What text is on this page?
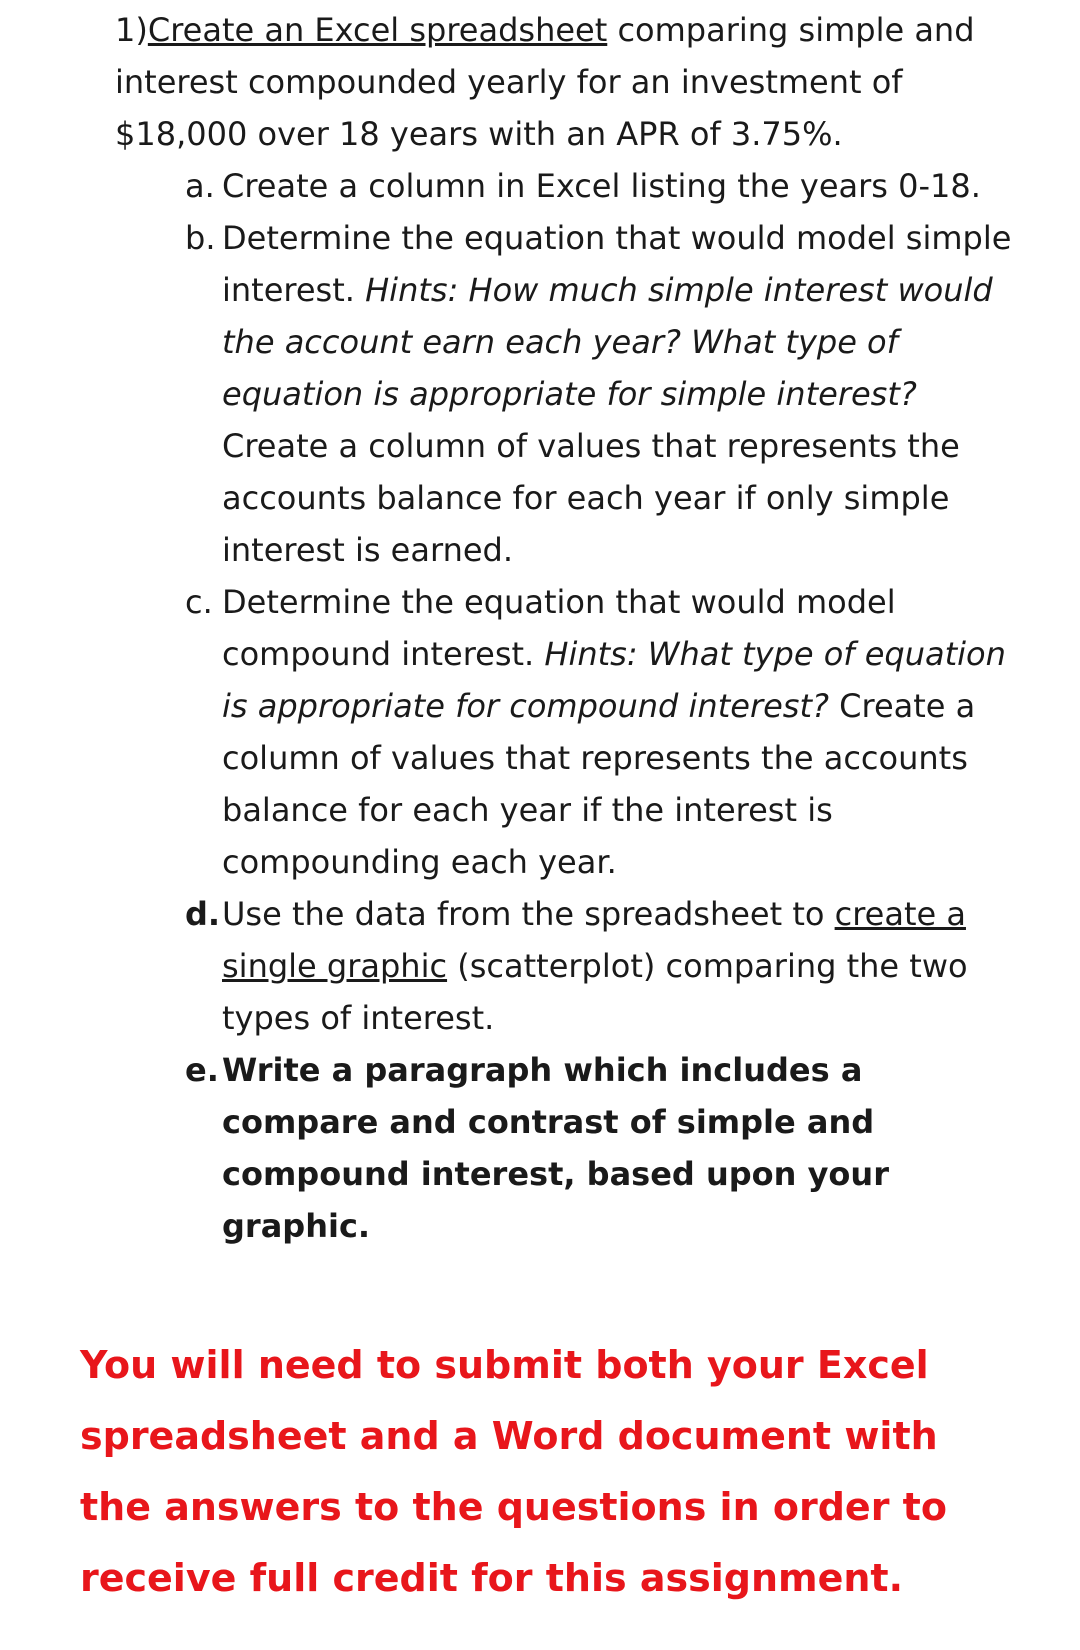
1)Create an Excel spreadsheet comparing simple and interest compounded yearly for an investment of $18,000 over 18 years with an APR of 3.75%.

a. Create a column in Excel listing the years 0-18.
b. Determine the equation that would model simple interest. Hints: How much simple interest would the account earn each year? What type of equation is appropriate for simple interest? Create a column of values that represents the accounts balance for each year if only simple interest is earned.
c. Determine the equation that would model compound interest. Hints: What type of equation is appropriate for compound interest? Create a column of values that represents the accounts balance for each year if the interest is compounding each year.
d. Use the data from the spreadsheet to create a single graphic (scatterplot) comparing the two types of interest.
e. Write a paragraph which includes a compare and contrast of simple and compound interest, based upon your graphic.

You will need to submit both your Excel spreadsheet and a Word document with the answers to the questions in order to receive full credit for this assignment.
